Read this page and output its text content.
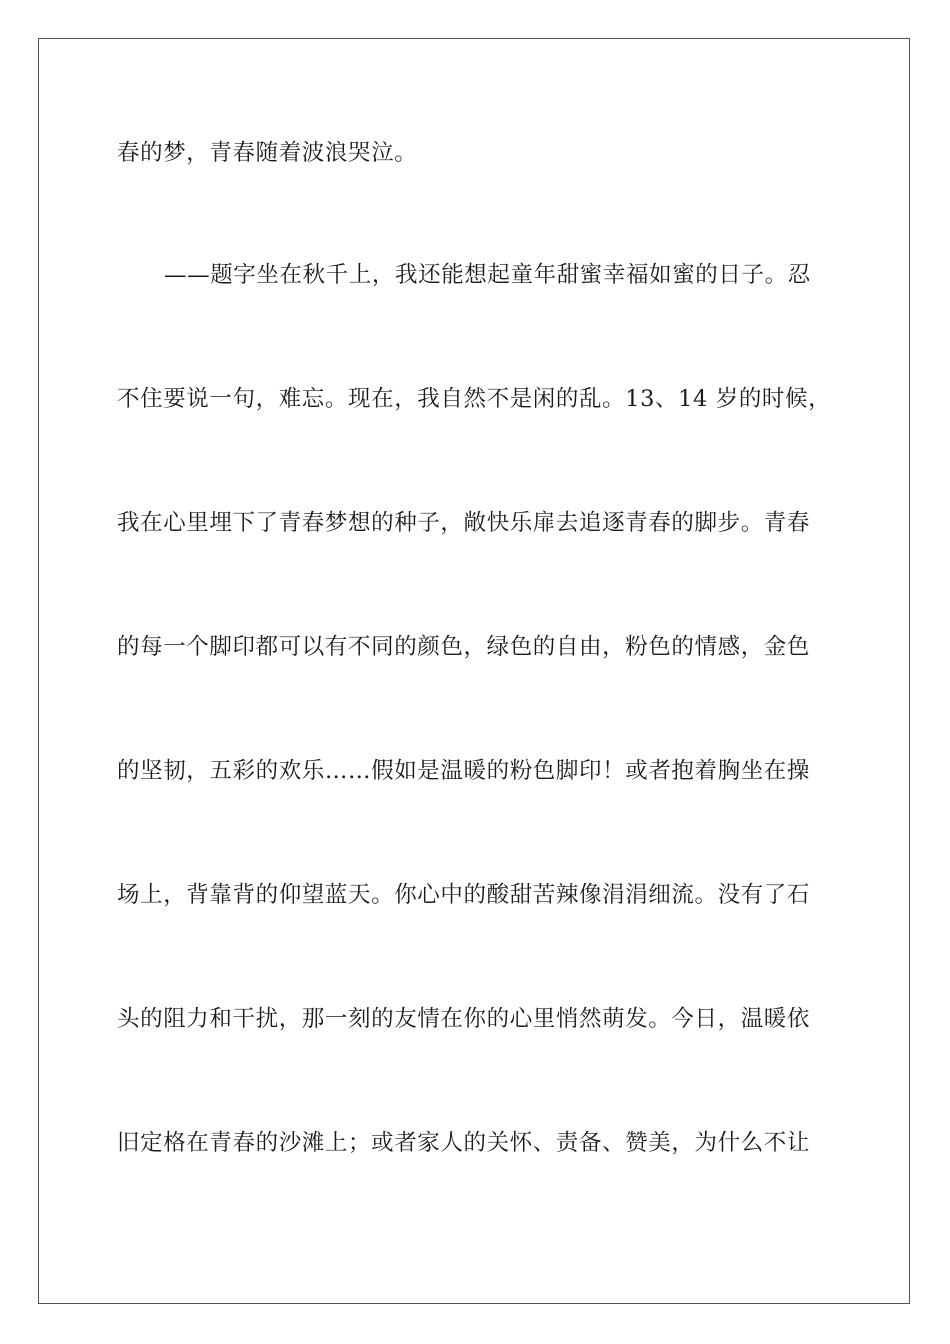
春的梦，青春随着波浪哭泣。

——题字坐在秋千上，我还能想起童年甜蜜幸福如蜜的日子。忍

不住要说一句，难忘。现在，我自然不是闲的乱。13、14 岁的时候，

我在心里埋下了青春梦想的种子，敞快乐扉去追逐青春的脚步。青春

的每一个脚印都可以有不同的颜色，绿色的自由，粉色的情感，金色

的坚韧，五彩的欢乐……假如是温暖的粉色脚印！或者抱着胸坐在操

场上，背靠背的仰望蓝天。你心中的酸甜苦辣像涓涓细流。没有了石

头的阻力和干扰，那一刻的友情在你的心里悄然萌发。今日，温暖依

旧定格在青春的沙滩上；或者家人的关怀、责备、赞美，为什么不让
